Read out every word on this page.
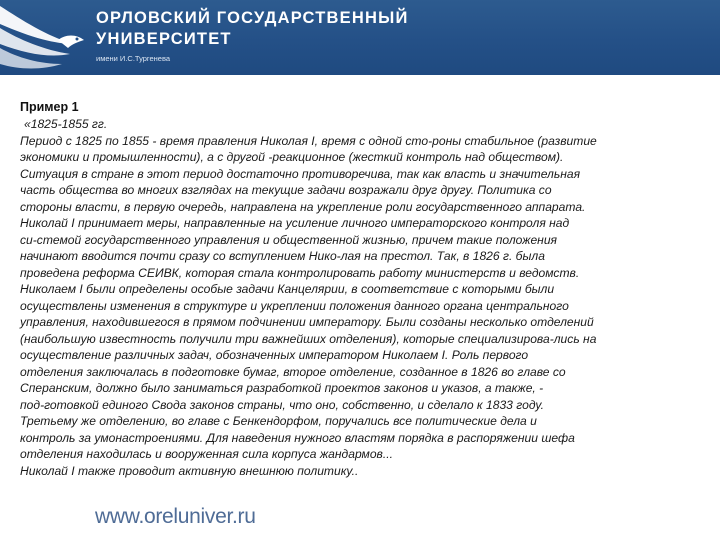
ОРЛОВСКИЙ ГОСУДАРСТВЕННЫЙ
УНИВЕРСИТЕТ
имени И.С.Тургенева
Пример 1
«1825-1855 гг.
Период с 1825 по 1855 - время правления Николая I, время с одной сто-роны стабильное (развитие
экономики и промышленности), а с другой -реакционное (жесткий контроль над обществом).
Ситуация в стране в этот период достаточно противоречива, так как власть и значительная
часть общества во многих взглядах на текущие задачи возражали друг другу. Политика со
стороны власти, в первую очередь, направлена на укрепление роли государственного аппарата.
Николай I принимает меры, направленные на усиление личного императорского контроля над
си-стемой государственного управления и общественной жизнью, причем такие положения
начинают вводится почти сразу со вступлением Нико-лая на престол. Так, в 1826 г. была
проведена реформа СЕИВК, которая стала контролировать работу министерств и ведомств.
Николаем I были определены особые задачи Канцелярии, в соответствие с которыми были
осуществлены изменения в структуре и укреплении положения данного органа центрального
управления, находившегося в прямом подчинении императору. Были созданы несколько отделений
(наибольшую известность получили три важнейших отделения), которые специализирова-лись на
осуществление различных задач, обозначенных императором Николаем I. Роль первого
отделения заключалась в подготовке бумаг, второе отделение, созданное в 1826 во главе со
Сперанским, должно было заниматься разработкой проектов законов и указов, а также, -
под-готовкой единого Свода законов страны, что оно, собственно, и сделало к 1833 году.
Третьему же отделению, во главе с Бенкендорфом, поручались все политические дела и
контроль за умонастроениями. Для наведения нужного властям порядка в распоряжении шефа
отделения находилась и вооруженная сила корпуса жандармов...
Николай I также проводит активную внешнюю политику..
www.oreluniver.ru
